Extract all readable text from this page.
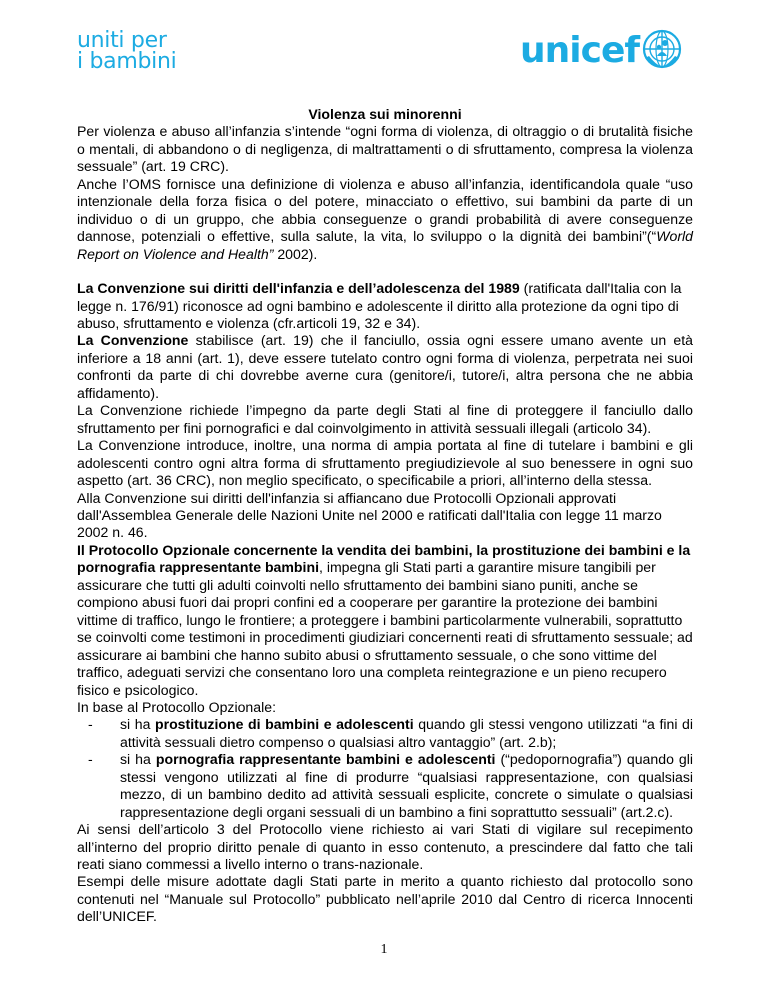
uniti per
i bambini	unicef

Violenza sui minorenni

Per violenza e abuso all’infanzia s’intende “ogni forma di violenza, di oltraggio o di brutalità fisiche o mentali, di abbandono o di negligenza, di maltrattamenti o di sfruttamento, compresa la violenza sessuale” (art. 19 CRC).

Anche l’OMS fornisce una definizione di violenza e abuso all’infanzia, identificandola quale “uso intenzionale della forza fisica o del potere, minacciato o effettivo, sui bambini da parte di un individuo o di un gruppo, che abbia conseguenze o grandi probabilità di avere conseguenze dannose, potenziali o effettive, sulla salute, la vita, lo sviluppo o la dignità dei bambini”(“World Report on Violence and Health” 2002).

La Convenzione sui diritti dell'infanzia e dell’adolescenza del 1989 (ratificata dall'Italia con la legge n. 176/91) riconosce ad ogni bambino e adolescente il diritto alla protezione da ogni tipo di abuso, sfruttamento e violenza (cfr.articoli 19, 32 e 34).

La Convenzione stabilisce (art. 19) che il fanciullo, ossia ogni essere umano avente un età inferiore a 18 anni (art. 1), deve essere tutelato contro ogni forma di violenza, perpetrata nei suoi confronti da parte di chi dovrebbe averne cura (genitore/i, tutore/i, altra persona che ne abbia affidamento).

La Convenzione richiede l’impegno da parte degli Stati al fine di proteggere il fanciullo dallo sfruttamento per fini pornografici e dal coinvolgimento in attività sessuali illegali (articolo 34).

La Convenzione introduce, inoltre, una norma di ampia portata al fine di tutelare i bambini e gli adolescenti contro ogni altra forma di sfruttamento pregiudizievole al suo benessere in ogni suo aspetto (art. 36 CRC), non meglio specificato, o specificabile a priori, all’interno della stessa.

Alla Convenzione sui diritti dell'infanzia si affiancano due Protocolli Opzionali approvati dall'Assemblea Generale delle Nazioni Unite nel 2000 e ratificati dall'Italia con legge 11 marzo 2002 n. 46.

Il Protocollo Opzionale concernente la vendita dei bambini, la prostituzione dei bambini e la pornografia rappresentante bambini, impegna gli Stati parti a garantire misure tangibili per assicurare che tutti gli adulti coinvolti nello sfruttamento dei bambini siano puniti, anche se compiono abusi fuori dai propri confini ed a cooperare per garantire la protezione dei bambini vittime di traffico, lungo le frontiere; a proteggere i bambini particolarmente vulnerabili, soprattutto se coinvolti come testimoni in procedimenti giudiziari concernenti reati di sfruttamento sessuale; ad assicurare ai bambini che hanno subito abusi o sfruttamento sessuale, o che sono vittime del traffico, adeguati servizi che consentano loro una completa reintegrazione e un pieno recupero fisico e psicologico.

In base al Protocollo Opzionale:

- si ha prostituzione di bambini e adolescenti quando gli stessi vengono utilizzati “a fini di attività sessuali dietro compenso o qualsiasi altro vantaggio” (art. 2.b);
- si ha pornografia rappresentante bambini e adolescenti (“pedopornografia”) quando gli stessi vengono utilizzati al fine di produrre “qualsiasi rappresentazione, con qualsiasi mezzo, di un bambino dedito ad attività sessuali esplicite, concrete o simulate o qualsiasi rappresentazione degli organi sessuali di un bambino a fini soprattutto sessuali” (art.2.c).

Ai sensi dell’articolo 3 del Protocollo viene richiesto ai vari Stati di vigilare sul recepimento all’interno del proprio diritto penale di quanto in esso contenuto, a prescindere dal fatto che tali reati siano commessi a livello interno o trans-nazionale.

Esempi delle misure adottate dagli Stati parte in merito a quanto richiesto dal protocollo sono contenuti nel “Manuale sul Protocollo” pubblicato nell’aprile 2010 dal Centro di ricerca Innocenti dell’UNICEF.

1
